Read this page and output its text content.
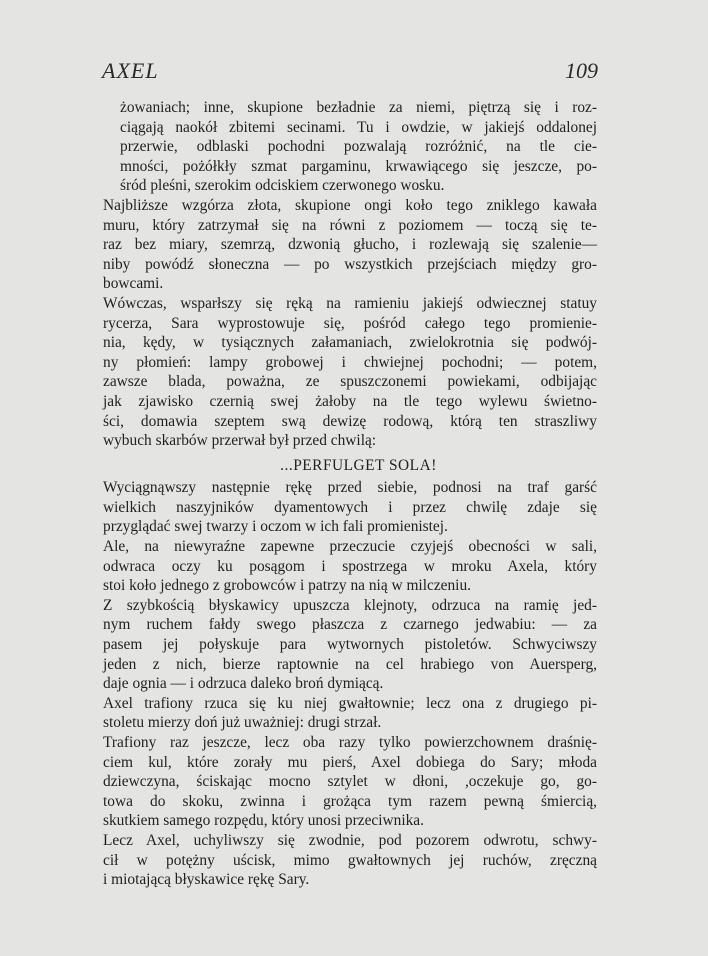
AXEL	109
żowaniach; inne, skupione bezładnie za niemi, piętrzą się i roz-
ciągają naokół zbitemi secinami. Tu i owdzie, w jakiejś oddalonej
przerwie, odblaski pochodni pozwalają rozróżnić, na tle cie-
mności, pożółkły szmat pargaminu, krwawiącego się jeszcze, po-
śród pleśni, szerokim odciskiem czerwonego wosku.
Najbliższe wzgórza złota, skupione ongi koło tego zniklego kawała
muru, który zatrzymał się na równi z poziomem — toczą się te-
raz bez miary, szemrzą, dzwonią głucho, i rozlewają się szalenie—
niby powódź słoneczna — po wszystkich przejściach między gro-
bowcami.
Wówczas, wsparłszy się ręką na ramieniu jakiejś odwiecznej statuy
rycerza, Sara wyprostowuje się, pośród całego tego promienie-
nia, kędy, w tysiącznych załamaniach, zwielokrotnia się podwój-
ny płomień: lampy grobowej i chwiejnej pochodni; — potem,
zawsze blada, poważna, ze spuszczonemi powiekami, odbijając
jak zjawisko czernią swej żałoby na tle tego wylewu świetno-
ści, domawia szeptem swą dewizę rodową, którą ten straszliwy
wybuch skarbów przerwał był przed chwilą:
...PERFULGET SOLA!
Wyciągnąwszy następnie rękę przed siebie, podnosi na traf garść
wielkich naszyjników dyamentowych i przez chwilę zdaje się
przyglądać swej twarzy i oczom w ich fali promienistej.
Ale, na niewyraźne zapewne przeczucie czyjejś obecności w sali,
odwraca oczy ku posągom i spostrzega w mroku Axela, który
stoi koło jednego z grobowców i patrzy na nią w milczeniu.
Z szybkością błyskawicy upuszcza klejnoty, odrzuca na ramię jed-
nym ruchem fałdy swego płaszcza z czarnego jedwabiu: — za
pasem jej połyskuje para wytwornych pistoletów. Schwyciwszy
jeden z nich, bierze raptownie na cel hrabiego von Auersperg,
daje ognia — i odrzuca daleko broń dymiącą.
Axel trafiony rzuca się ku niej gwałtownie; lecz ona z drugiego pi-
stoletu mierzy doń już uważniej: drugi strzał.
Trafiony raz jeszcze, lecz oba razy tylko powierzchownem draśnię-
ciem kul, które zorały mu pierś, Axel dobiega do Sary; młoda
dziewczyna, ściskając mocno sztylet w dłoni, ,oczekuje go, go-
towa do skoku, zwinna i grożąca tym razem pewną śmiercią,
skutkiem samego rozpędu, który unosi przeciwnika.
Lecz Axel, uchyliwszy się zwodnie, pod pozorem odwrotu, schwy-
cił w potężny uścisk, mimo gwałtownych jej ruchów, zręczną
i miotającą błyskawice rękę Sary.
